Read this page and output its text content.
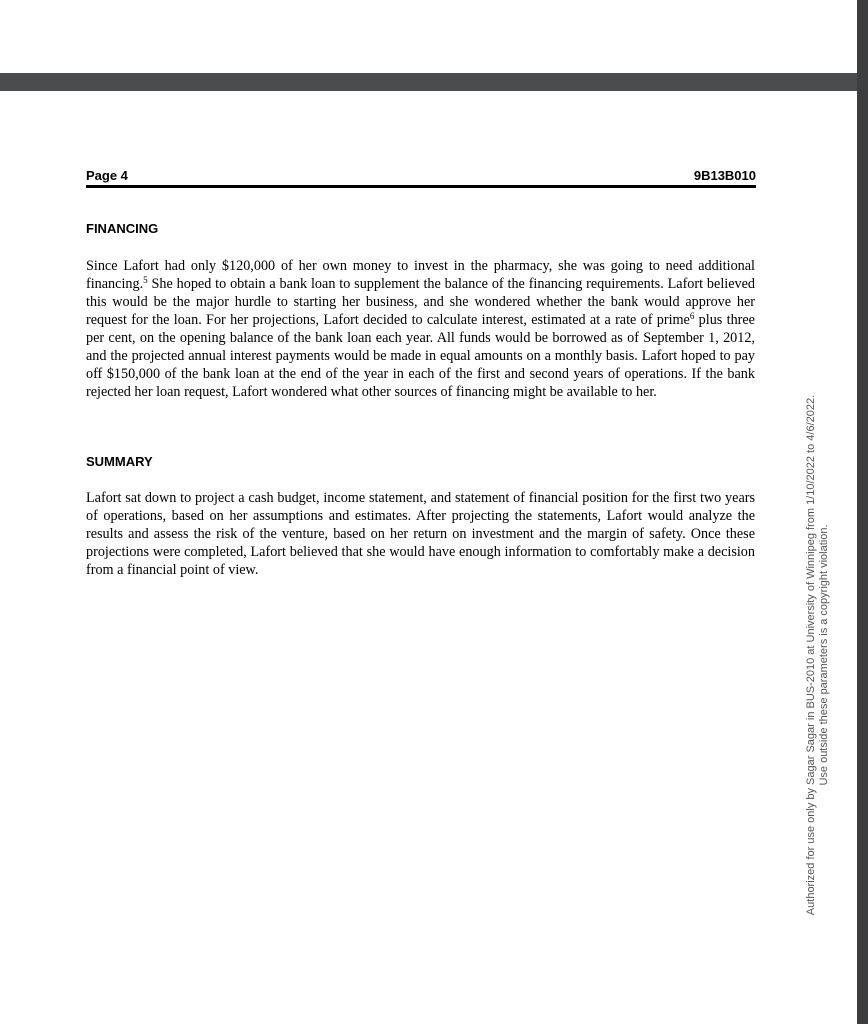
Page 4	9B13B010
FINANCING

Since Lafort had only $120,000 of her own money to invest in the pharmacy, she was going to need additional financing.$^5$ She hoped to obtain a bank loan to supplement the balance of the financing requirements. Lafort believed this would be the major hurdle to starting her business, and she wondered whether the bank would approve her request for the loan. For her projections, Lafort decided to calculate interest, estimated at a rate of prime$^6$ plus three per cent, on the opening balance of the bank loan each year. All funds would be borrowed as of September 1, 2012, and the projected annual interest payments would be made in equal amounts on a monthly basis. Lafort hoped to pay off $150,000 of the bank loan at the end of the year in each of the first and second years of operations. If the bank rejected her loan request, Lafort wondered what other sources of financing might be available to her.

SUMMARY

Lafort sat down to project a cash budget, income statement, and statement of financial position for the first two years of operations, based on her assumptions and estimates. After projecting the statements, Lafort would analyze the results and assess the risk of the venture, based on her return on investment and the margin of safety. Once these projections were completed, Lafort believed that she would have enough information to comfortably make a decision from a financial point of view.	Authorized for use only by Sagar Sagar in BUS-2010 at University of Winnipeg from 1/10/2022 to 4/6/2022. Use outside these parameters is a copyright violation.
